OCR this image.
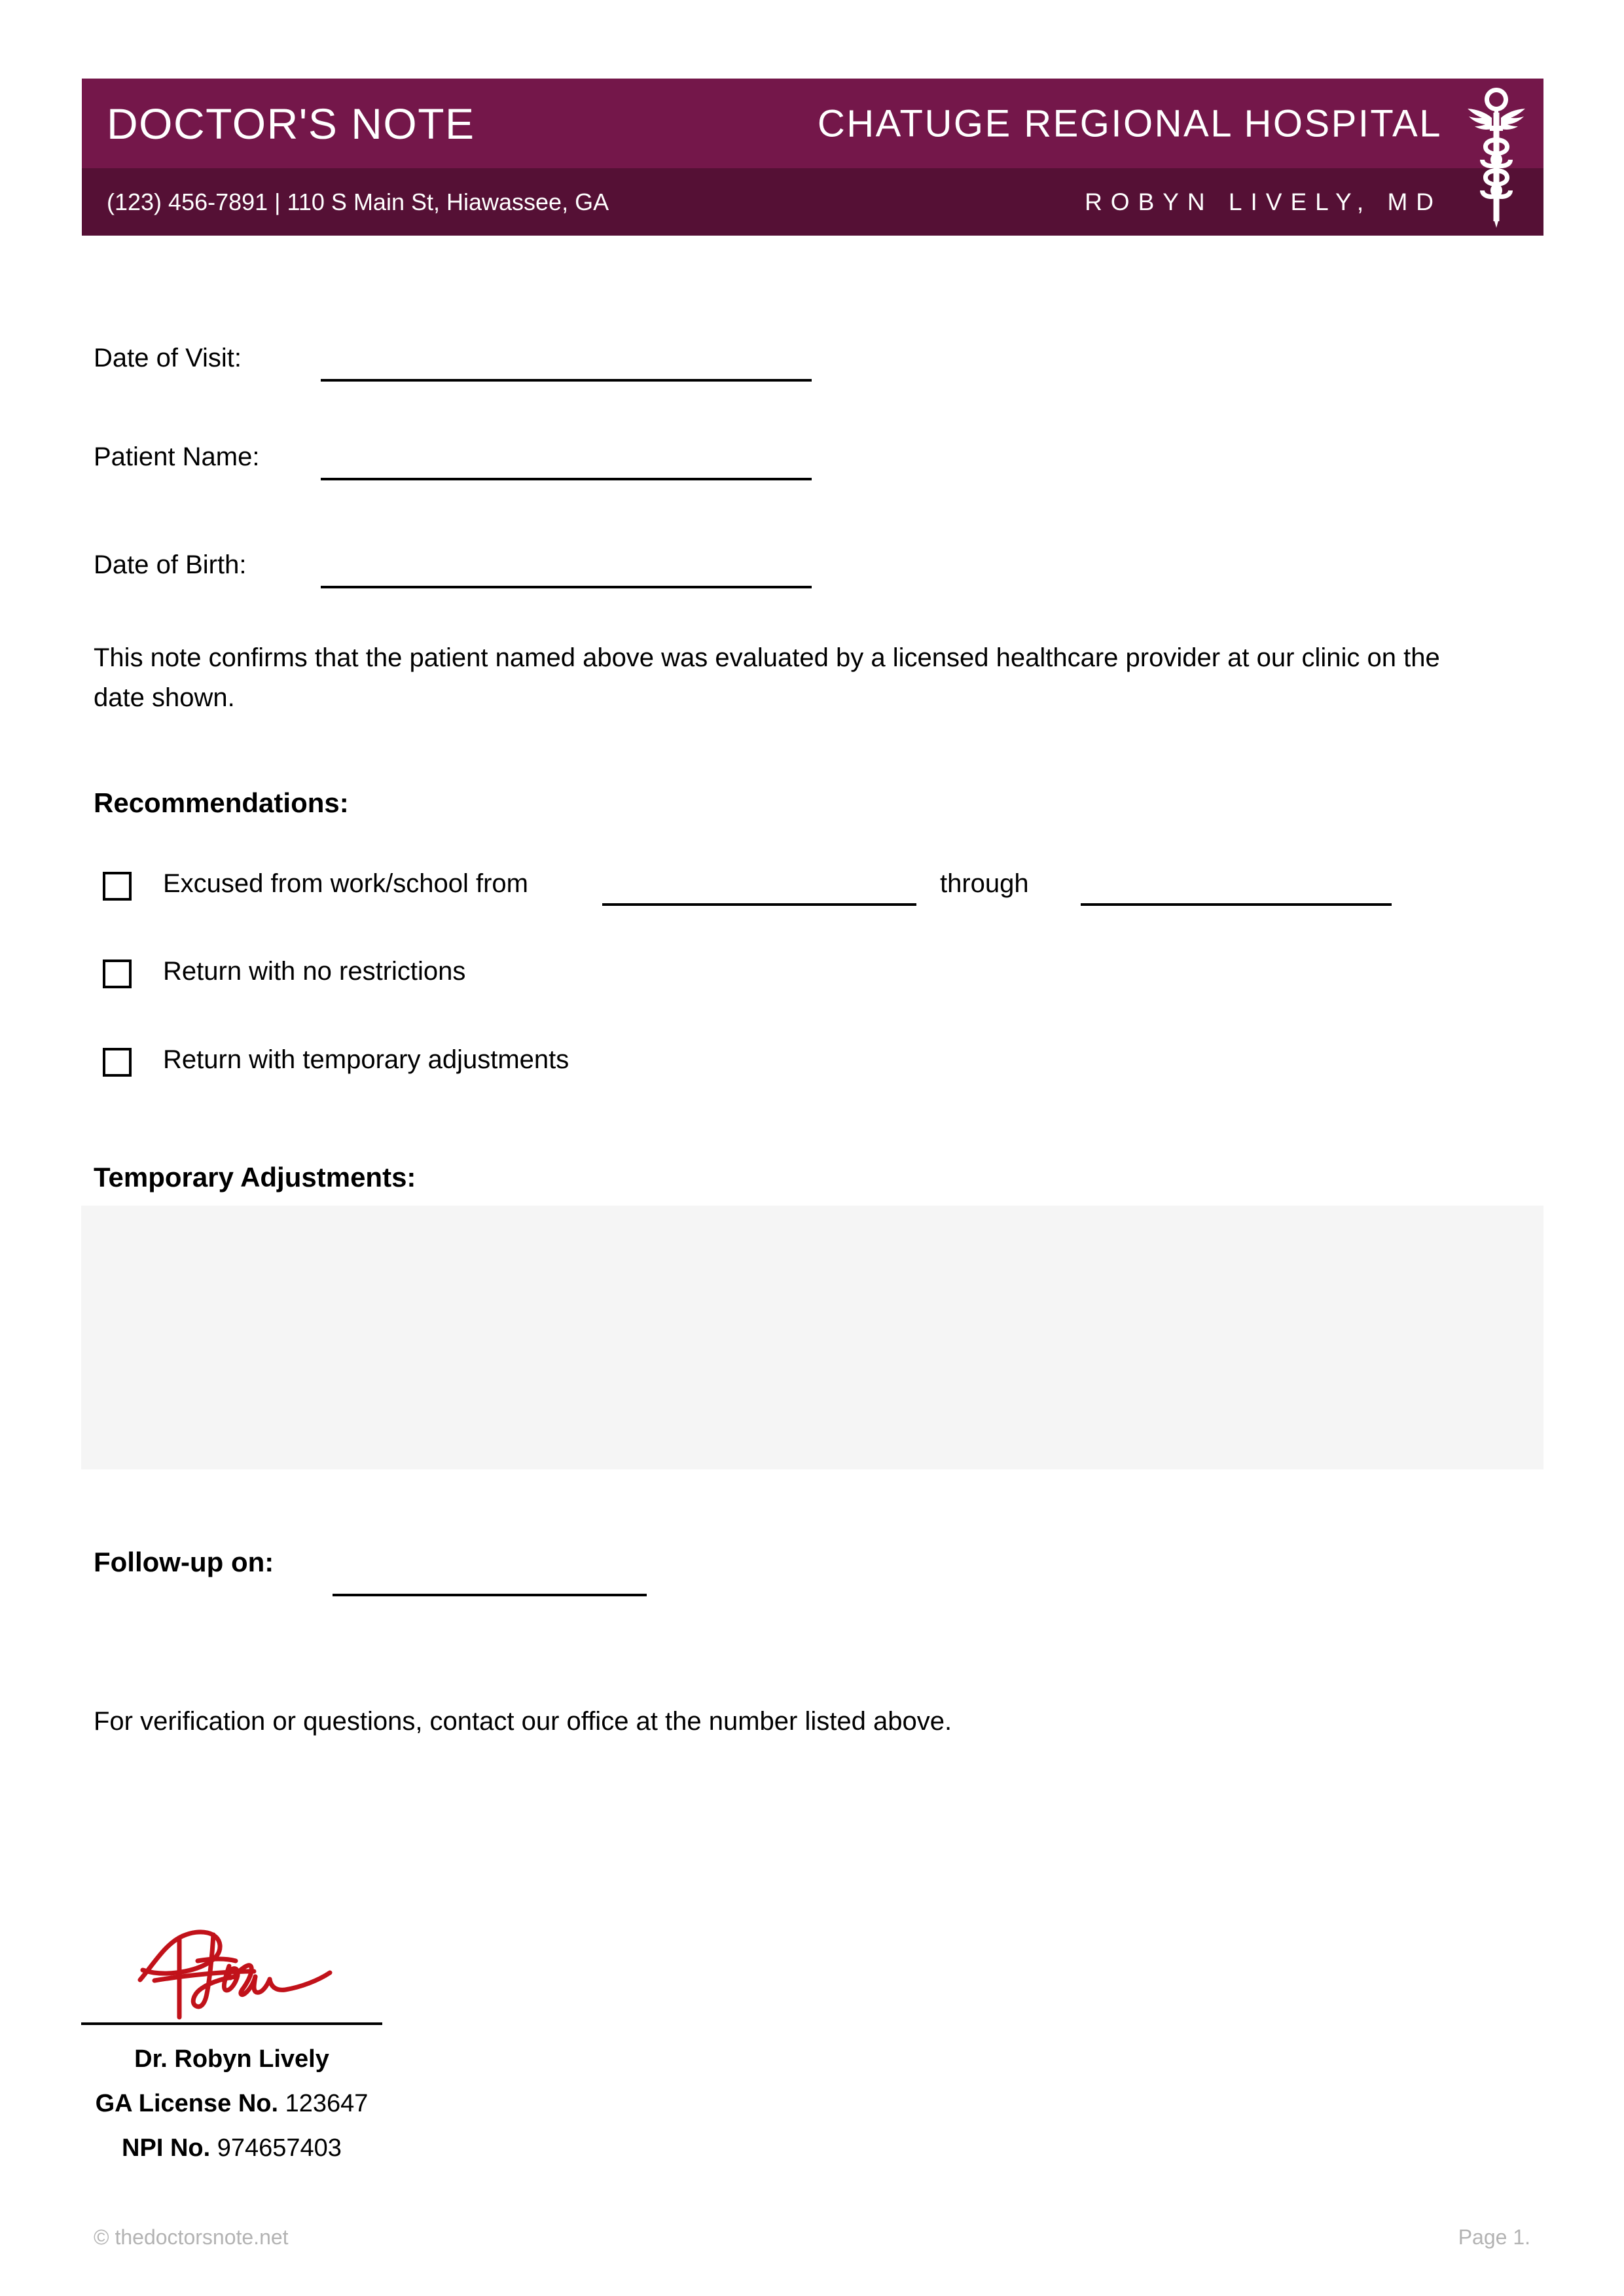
DOCTOR'S NOTE	CHATUGE REGIONAL HOSPITAL
(123) 456-7891 | 110 S Main St, Hiawassee, GA	ROBYN LIVELY, MD
Date of Visit:
Patient Name:
Date of Birth:
This note confirms that the patient named above was evaluated by a licensed healthcare provider at our clinic on the date shown.
Recommendations:
Excused from work/school from	through
Return with no restrictions
Return with temporary adjustments
Temporary Adjustments:
Follow-up on:
For verification or questions, contact our office at the number listed above.
Dr. Robyn Lively
GA License No. 123647
NPI No. 974657403
© thedoctorsnote.net	Page 1.
